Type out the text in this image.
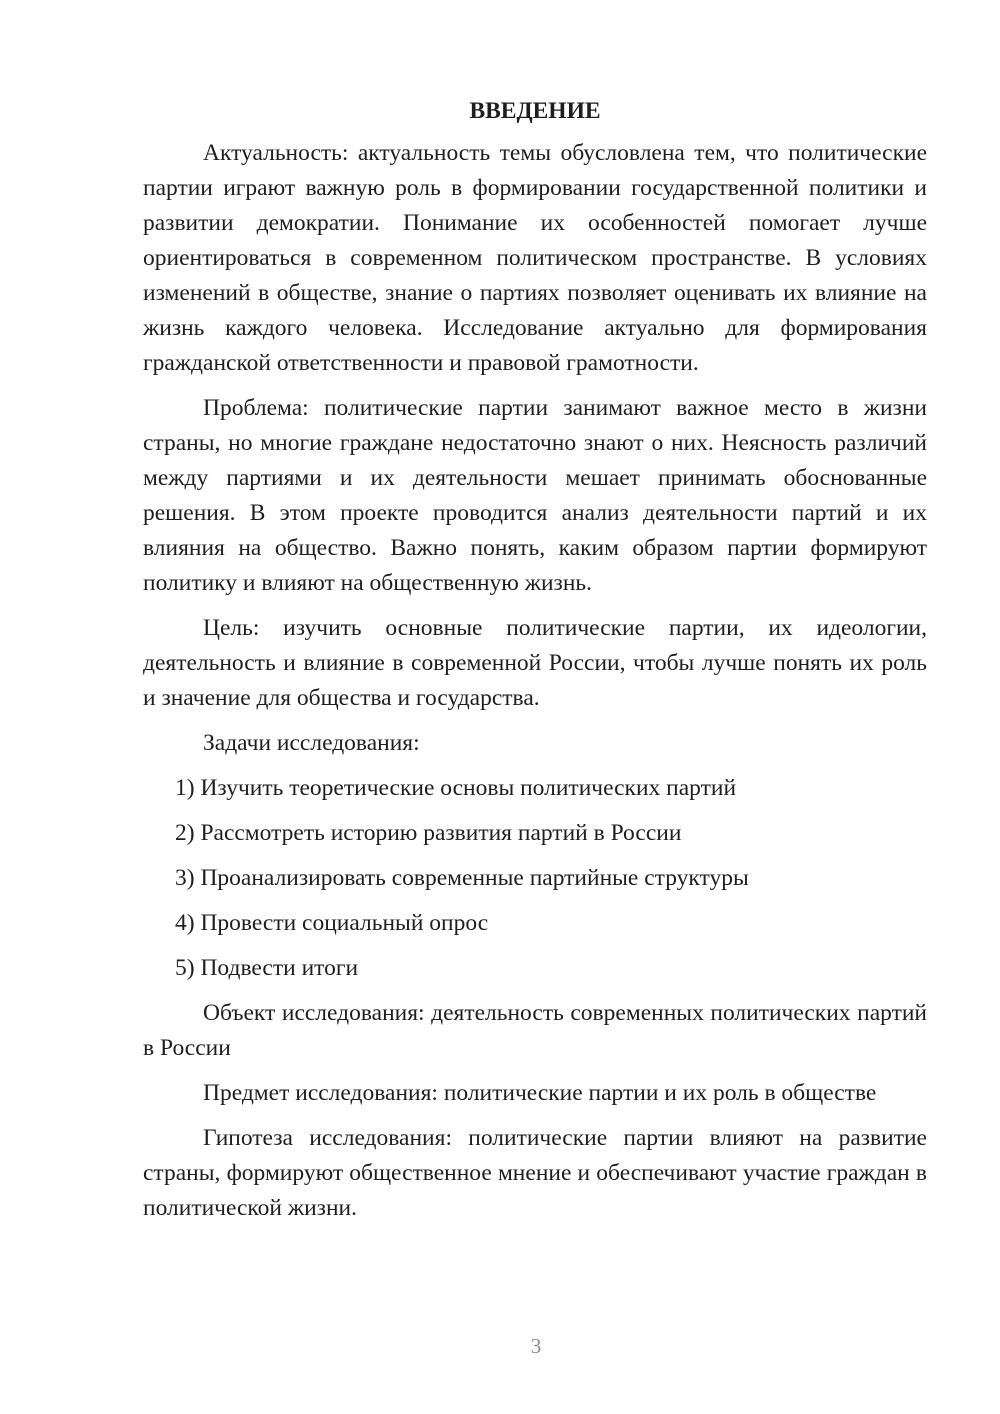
ВВЕДЕНИЕ

Актуальность: актуальность темы обусловлена тем, что политические партии играют важную роль в формировании государственной политики и развитии демократии. Понимание их особенностей помогает лучше ориентироваться в современном политическом пространстве. В условиях изменений в обществе, знание о партиях позволяет оценивать их влияние на жизнь каждого человека. Исследование актуально для формирования гражданской ответственности и правовой грамотности.

Проблема: политические партии занимают важное место в жизни страны, но многие граждане недостаточно знают о них. Неясность различий между партиями и их деятельности мешает принимать обоснованные решения. В этом проекте проводится анализ деятельности партий и их влияния на общество. Важно понять, каким образом партии формируют политику и влияют на общественную жизнь.

Цель: изучить основные политические партии, их идеологии, деятельность и влияние в современной России, чтобы лучше понять их роль и значение для общества и государства.

Задачи исследования:

1) Изучить теоретические основы политических партий
2) Рассмотреть историю развития партий в России
3) Проанализировать современные партийные структуры
4) Провести социальный опрос
5) Подвести итоги

Объект исследования: деятельность современных политических партий в России

Предмет исследования: политические партии и их роль в обществе

Гипотеза исследования: политические партии влияют на развитие страны, формируют общественное мнение и обеспечивают участие граждан в политической жизни.

3
